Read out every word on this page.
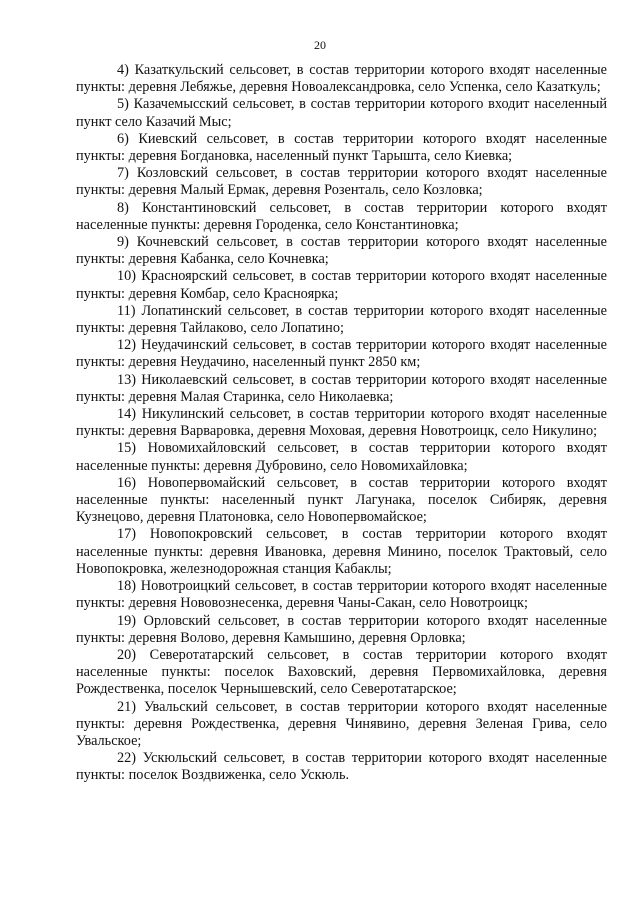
20

4) Казаткульский сельсовет, в состав территории которого входят населенные пункты: деревня Лебяжье, деревня Новоалександровка, село Успенка, село Казаткуль;

5) Казачемысский сельсовет, в состав территории которого входит населенный пункт село Казачий Мыс;

6) Киевский сельсовет, в состав территории которого входят населенные пункты: деревня Богдановка, населенный пункт Тарышта, село Киевка;

7) Козловский сельсовет, в состав территории которого входят населенные пункты: деревня Малый Ермак, деревня Розенталь, село Козловка;

8) Константиновский сельсовет, в состав территории которого входят населенные пункты: деревня Городенка, село Константиновка;

9) Кочневский сельсовет, в состав территории которого входят населенные пункты: деревня Кабанка, село Кочневка;

10) Красноярский сельсовет, в состав территории которого входят населенные пункты: деревня Комбар, село Красноярка;

11) Лопатинский сельсовет, в состав территории которого входят населенные пункты: деревня Тайлаково, село Лопатино;

12) Неудачинский сельсовет, в состав территории которого входят населенные пункты: деревня Неудачино, населенный пункт 2850 км;

13) Николаевский сельсовет, в состав территории которого входят населенные пункты: деревня Малая Старинка, село Николаевка;

14) Никулинский сельсовет, в состав территории которого входят населенные пункты: деревня Варваровка, деревня Моховая, деревня Новотроицк, село Никулино;

15) Новомихайловский сельсовет, в состав территории которого входят населенные пункты: деревня Дубровино, село Новомихайловка;

16) Новопервомайский сельсовет, в состав территории которого входят населенные пункты: населенный пункт Лагунака, поселок Сибиряк, деревня Кузнецово, деревня Платоновка, село Новопервомайское;

17) Новопокровский сельсовет, в состав территории которого входят населенные пункты: деревня Ивановка, деревня Минино, поселок Трактовый, село Новопокровка, железнодорожная станция Кабаклы;

18) Новотроицкий сельсовет, в состав территории которого входят населенные пункты: деревня Нововознесенка, деревня Чаны-Сакан, село Новотроицк;

19) Орловский сельсовет, в состав территории которого входят населенные пункты: деревня Волово, деревня Камышино, деревня Орловка;

20) Северотатарский сельсовет, в состав территории которого входят населенные пункты: поселок Ваховский, деревня Первомихайловка, деревня Рождественка, поселок Чернышевский, село Северотатарское;

21) Увальский сельсовет, в состав территории которого входят населенные пункты: деревня Рождественка, деревня Чинявино, деревня Зеленая Грива, село Увальское;

22) Ускюльский сельсовет, в состав территории которого входят населенные пункты: поселок Воздвиженка, село Ускюль.
